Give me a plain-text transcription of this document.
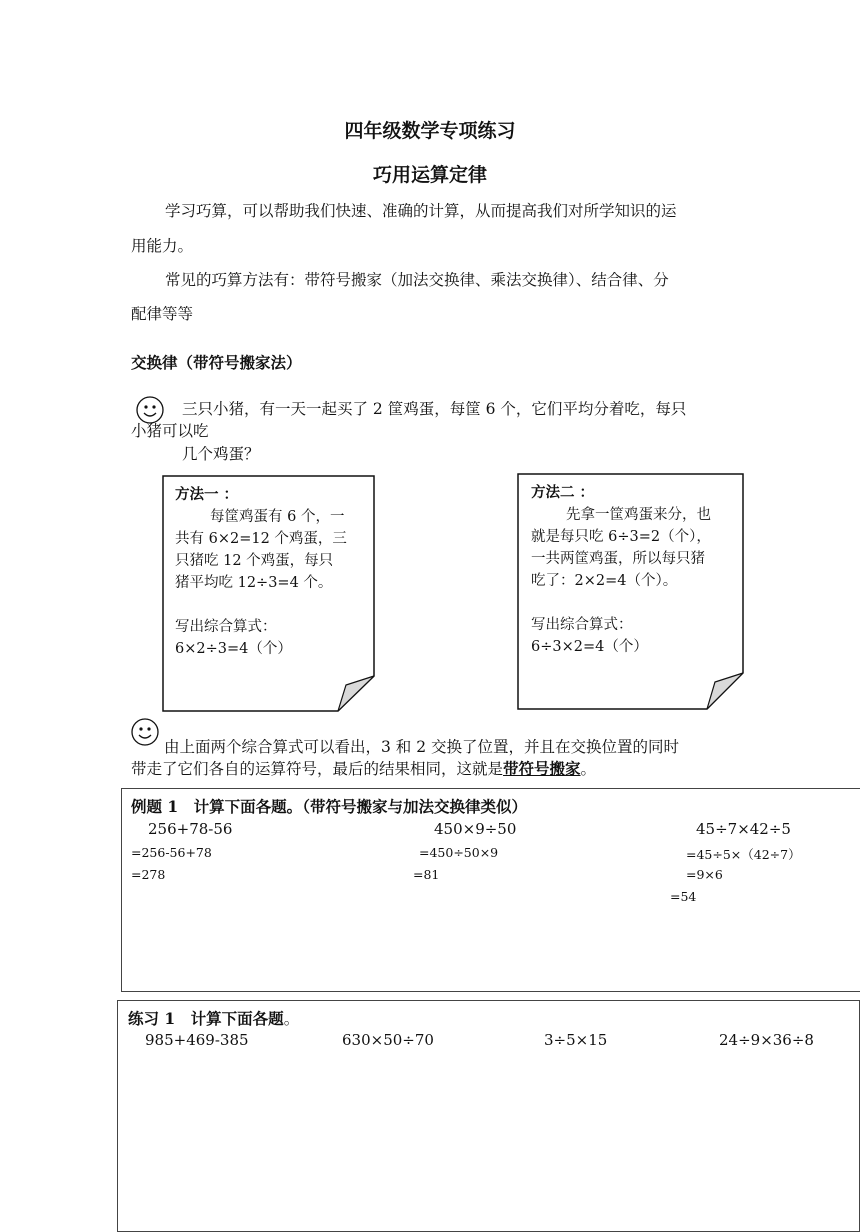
四年级数学专项练习
巧用运算定律
学习巧算，可以帮助我们快速、准确的计算，从而提高我们对所学知识的运
用能力。
常见的巧算方法有：带符号搬家（加法交换律、乘法交换律）、结合律、分
配律等等
交换律（带符号搬家法）
三只小猪，有一天一起买了 2 筐鸡蛋，每筐 6 个，它们平均分着吃，每只
小猪可以吃
几个鸡蛋？
方法一 ：
每筐鸡蛋有 6 个，一
共有 6×2=12 个鸡蛋，三
只猪吃 12 个鸡蛋，每只
猪平均吃 12÷3=4 个。
写出综合算式：
6×2÷3=4（个）
方法二 ：
先拿一筐鸡蛋来分，也
就是每只吃 6÷3=2（个），
一共两筐鸡蛋，所以每只猪
吃了：2×2=4（个）。
写出综合算式：
6÷3×2=4（个）
由上面两个综合算式可以看出，3 和 2 交换了位置，并且在交换位置的同时
带走了它们各自的运算符号，最后的结果相同，这就是带符号搬家。
例题 1　计算下面各题。（带符号搬家与加法交换律类似）
256+78-56
=256-56+78
=278
450×9÷50
=450÷50×9
=81
45÷7×42÷5
=45÷5×（42÷7）
=9×6
=54
练习 1　计算下面各题。
985+469-385	630×50÷70	3÷5×15	24÷9×36÷8
